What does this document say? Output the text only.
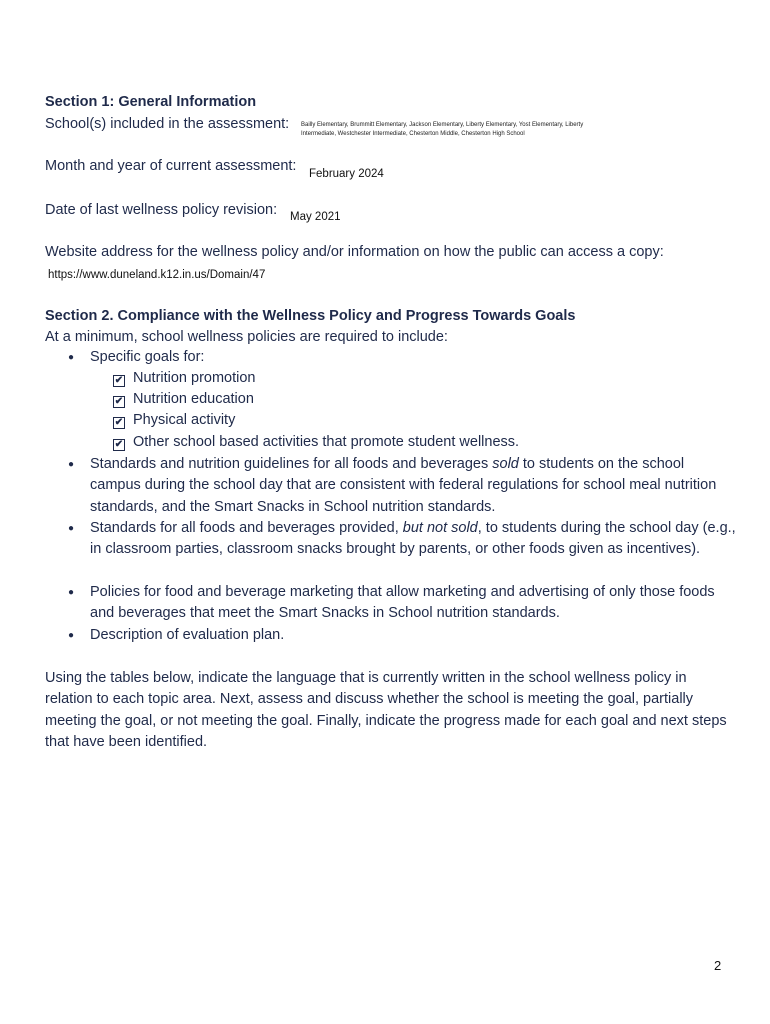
Section 1: General Information
School(s) included in the assessment: Bailly Elementary, Brummitt Elementary, Jackson Elementary, Liberty Elementary, Yost Elementary, Liberty Intermediate, Westchester Intermediate, Chesterton Middle, Chesterton High School
Month and year of current assessment: February 2024
Date of last wellness policy revision: May 2021
Website address for the wellness policy and/or information on how the public can access a copy:
https://www.duneland.k12.in.us/Domain/47
Section 2. Compliance with the Wellness Policy and Progress Towards Goals
At a minimum, school wellness policies are required to include:
● Specific goals for:
✔ Nutrition promotion
✔ Nutrition education
✔ Physical activity
✔ Other school based activities that promote student wellness.
● Standards and nutrition guidelines for all foods and beverages sold to students on the school campus during the school day that are consistent with federal regulations for school meal nutrition standards, and the Smart Snacks in School nutrition standards.
● Standards for all foods and beverages provided, but not sold, to students during the school day (e.g., in classroom parties, classroom snacks brought by parents, or other foods given as incentives).
● Policies for food and beverage marketing that allow marketing and advertising of only those foods and beverages that meet the Smart Snacks in School nutrition standards.
● Description of evaluation plan.
Using the tables below, indicate the language that is currently written in the school wellness policy in relation to each topic area. Next, assess and discuss whether the school is meeting the goal, partially meeting the goal, or not meeting the goal. Finally, indicate the progress made for each goal and next steps that have been identified.
2
